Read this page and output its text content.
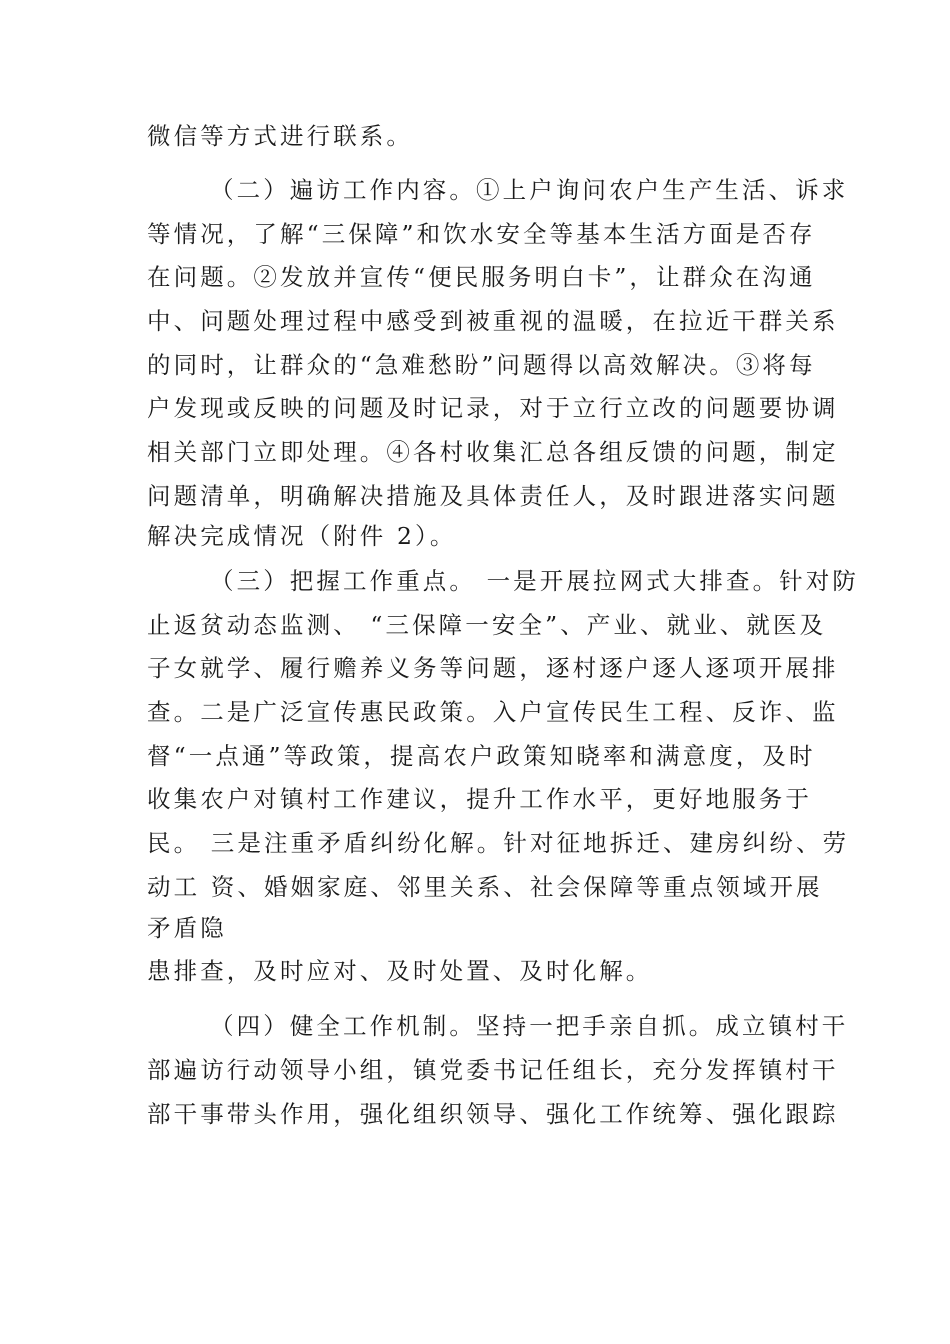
微信等方式进行联系。
（二）遍访工作内容。①上户询问农户生产生活、诉求
等情况，了解“三保障”和饮水安全等基本生活方面是否存
在问题。②发放并宣传“便民服务明白卡”，让群众在沟通
中、问题处理过程中感受到被重视的温暖，在拉近干群关系
的同时，让群众的“急难愁盼”问题得以高效解决。③将每
户发现或反映的问题及时记录，对于立行立改的问题要协调
相关部门立即处理。④各村收集汇总各组反馈的问题，制定
问题清单，明确解决措施及具体责任人，及时跟进落实问题
解决完成情况（附件 2）。
（三）把握工作重点。 一是开展拉网式大排查。针对防
止返贫动态监测、 “三保障一安全”、产业、就业、就医及
子女就学、履行赡养义务等问题，逐村逐户逐人逐项开展排
查。二是广泛宣传惠民政策。入户宣传民生工程、反诈、监
督“一点通”等政策，提高农户政策知晓率和满意度，及时
收集农户对镇村工作建议，提升工作水平，更好地服务于
民。 三是注重矛盾纠纷化解。针对征地拆迁、建房纠纷、劳
动工 资、婚姻家庭、邻里关系、社会保障等重点领域开展
矛盾隐
患排查，及时应对、及时处置、及时化解。
（四）健全工作机制。坚持一把手亲自抓。成立镇村干
部遍访行动领导小组，镇党委书记任组长，充分发挥镇村干
部干事带头作用，强化组织领导、强化工作统筹、强化跟踪
